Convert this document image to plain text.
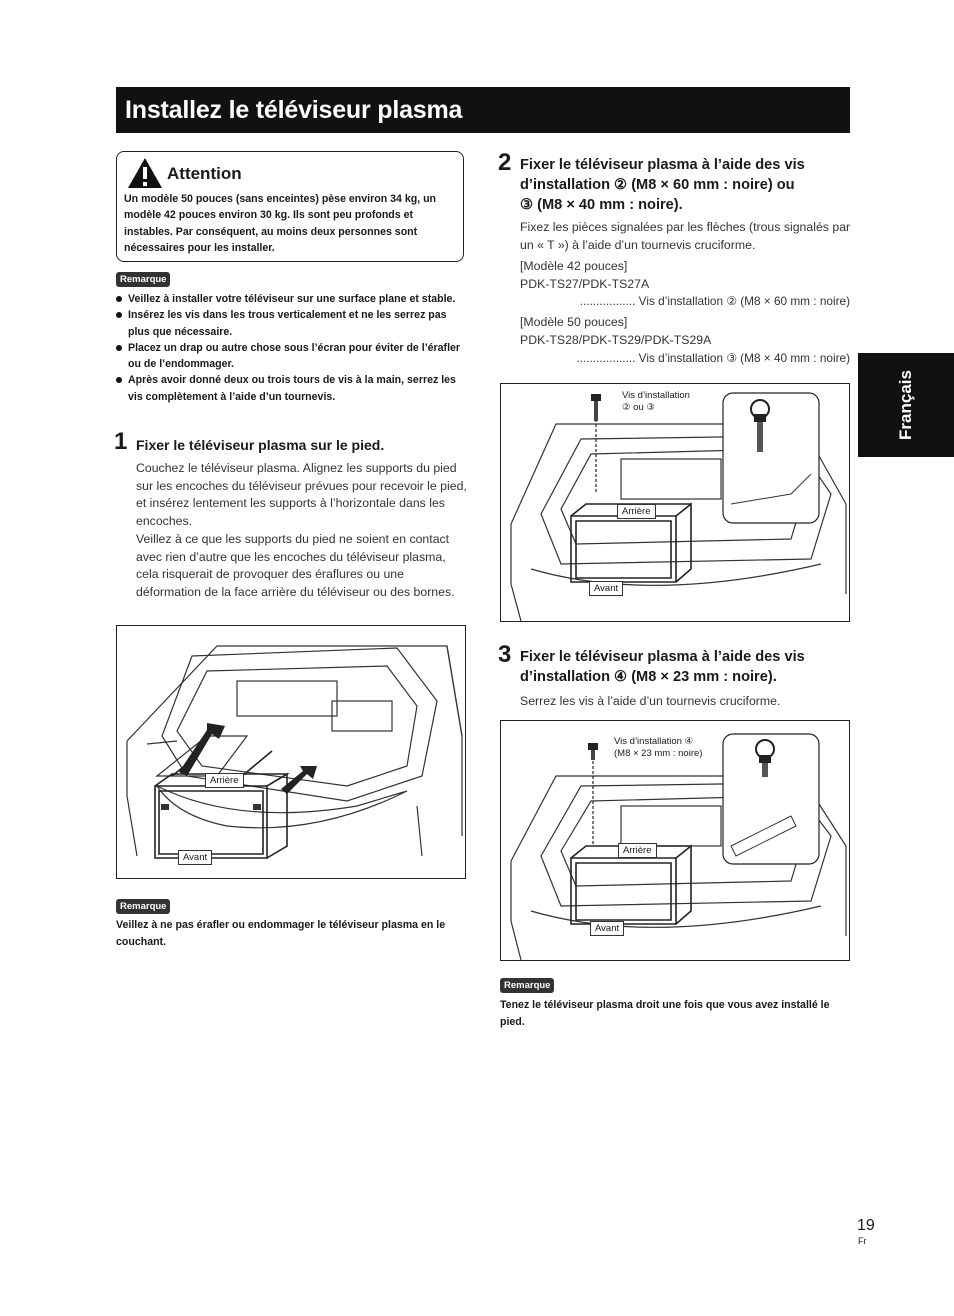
Installez le téléviseur plasma
Français
Attention
Un modèle 50 pouces (sans enceintes) pèse environ 34 kg, un modèle 42 pouces environ 30 kg. Ils sont peu profonds et instables. Par conséquent, au moins deux personnes sont nécessaires pour les installer.
Remarque
Veillez à installer votre téléviseur sur une surface plane et stable.
Insérez les vis dans les trous verticalement et ne les serrez pas plus que nécessaire.
Placez un drap ou autre chose sous l’écran pour éviter de l’érafler ou de l’endommager.
Après avoir donné deux ou trois tours de vis à la main, serrez les vis complètement à l’aide d’un tournevis.
1 Fixer le téléviseur plasma sur le pied.
Couchez le téléviseur plasma. Alignez les supports du pied sur les encoches du téléviseur prévues pour recevoir le pied, et insérez lentement les supports à l’horizontale dans les encoches.
Veillez à ce que les supports du pied ne soient en contact avec rien d’autre que les encoches du téléviseur plasma, cela risquerait de provoquer des éraflures ou une déformation de la face arrière du téléviseur ou des bornes.
Arrière
Avant
Remarque
Veillez à ne pas érafler ou endommager le téléviseur plasma en le couchant.
2 Fixer le téléviseur plasma à l’aide des vis
d’installation ② (M8 × 60 mm : noire) ou
③ (M8 × 40 mm : noire).
Fixez les pièces signalées par les flèches (trous signalés par un « T ») à l’aide d’un tournevis cruciforme.
[Modèle 42 pouces]
PDK-TS27/PDK-TS27A
................. Vis d’installation ② (M8 × 60 mm : noire)
[Modèle 50 pouces]
PDK-TS28/PDK-TS29/PDK-TS29A
.................. Vis d’installation ③ (M8 × 40 mm : noire)
Vis d’installation
② ou ③
Arrière
Avant
3 Fixer le téléviseur plasma à l’aide des vis
d’installation ④ (M8 × 23 mm : noire).
Serrez les vis à l’aide d’un tournevis cruciforme.
Vis d’installation ④
(M8 × 23 mm : noire)
Arrière
Avant
Remarque
Tenez le téléviseur plasma droit une fois que vous avez installé le pied.
19
Fr
